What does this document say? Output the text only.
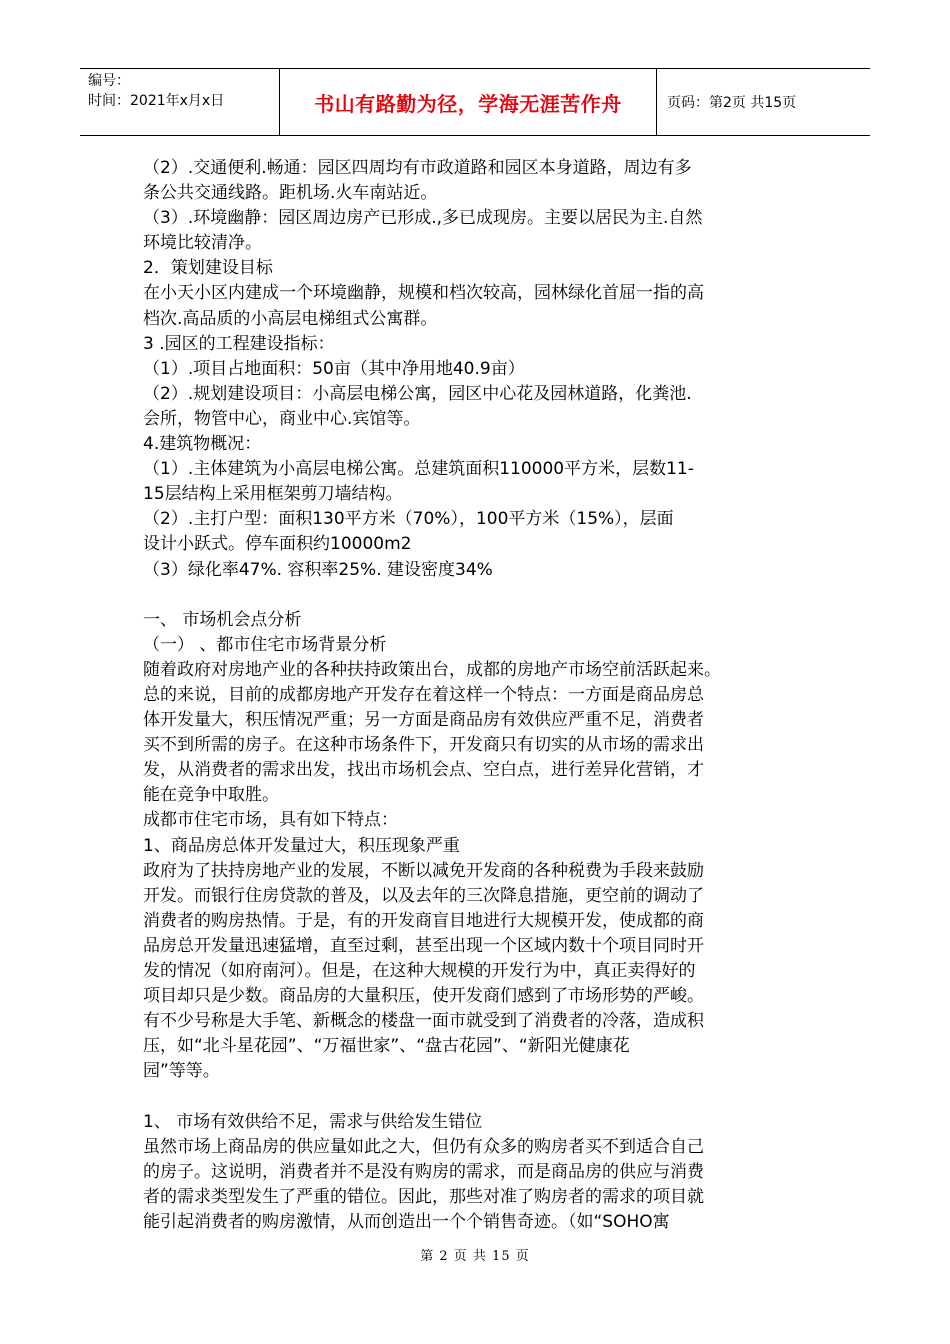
编号：
时间：2021年x月x日	书山有路勤为径，学海无涯苦作舟	页码：第2页 共15页

（2）.交通便利.畅通：园区四周均有市政道路和园区本身道路，周边有多

条公共交通线路。距机场.火车南站近。

（3）.环境幽静：园区周边房产已形成.,多已成现房。主要以居民为主.自然

环境比较清净。

2．策划建设目标

在小天小区内建成一个环境幽静，规模和档次较高，园林绿化首屈一指的高

档次.高品质的小高层电梯组式公寓群。

3 .园区的工程建设指标：

（1）.项目占地面积：50亩（其中净用地40.9亩）

（2）.规划建设项目：小高层电梯公寓，园区中心花及园林道路，化粪池.

会所，物管中心，商业中心.宾馆等。

4.建筑物概况：

（1）.主体建筑为小高层电梯公寓。总建筑面积110000平方米，层数11-

15层结构上采用框架剪刀墙结构。

（2）.主打户型：面积130平方米（70%），100平方米（15%），层面

设计小跃式。停车面积约10000m2

（3）绿化率47%. 容积率25%. 建设密度34%

一、 市场机会点分析

（一） 、都市住宅市场背景分析

随着政府对房地产业的各种扶持政策出台，成都的房地产市场空前活跃起来。

总的来说，目前的成都房地产开发存在着这样一个特点：一方面是商品房总

体开发量大，积压情况严重；另一方面是商品房有效供应严重不足，消费者

买不到所需的房子。在这种市场条件下，开发商只有切实的从市场的需求出

发，从消费者的需求出发，找出市场机会点、空白点，进行差异化营销，才

能在竞争中取胜。

成都市住宅市场，具有如下特点：

1、商品房总体开发量过大，积压现象严重

政府为了扶持房地产业的发展，不断以减免开发商的各种税费为手段来鼓励

开发。而银行住房贷款的普及，以及去年的三次降息措施，更空前的调动了

消费者的购房热情。于是，有的开发商盲目地进行大规模开发，使成都的商

品房总开发量迅速猛增，直至过剩，甚至出现一个区域内数十个项目同时开

发的情况（如府南河）。但是，在这种大规模的开发行为中，真正卖得好的

项目却只是少数。商品房的大量积压，使开发商们感到了市场形势的严峻。

有不少号称是大手笔、新概念的楼盘一面市就受到了消费者的冷落，造成积

压，如“北斗星花园”、“万福世家”、“盘古花园”、“新阳光健康花

园”等等。

1、 市场有效供给不足，需求与供给发生错位

虽然市场上商品房的供应量如此之大，但仍有众多的购房者买不到适合自己

的房子。这说明，消费者并不是没有购房的需求，而是商品房的供应与消费

者的需求类型发生了严重的错位。因此，那些对准了购房者的需求的项目就

能引起消费者的购房激情，从而创造出一个个销售奇迹。（如“SOHO寓

第 2 页 共 15 页
